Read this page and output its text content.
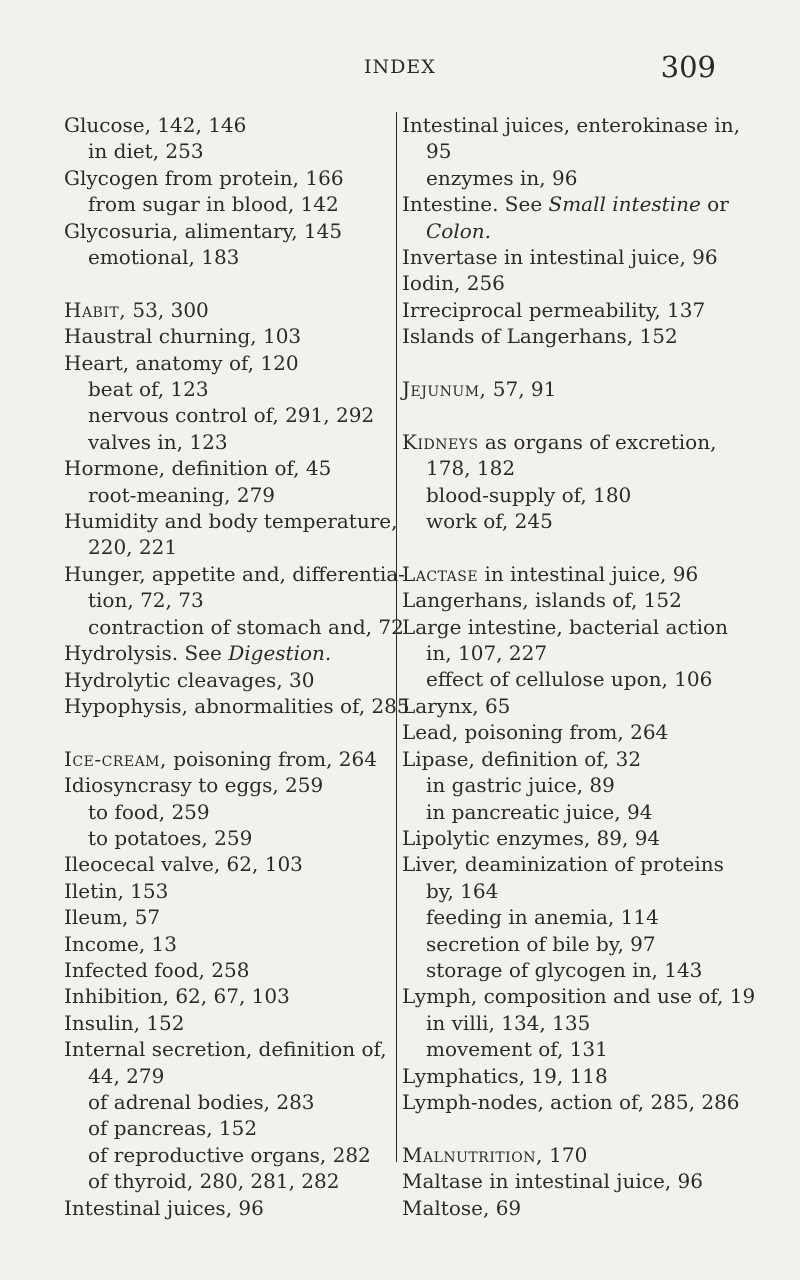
INDEX	309
Glucose, 142, 146
in diet, 253
Glycogen from protein, 166
from sugar in blood, 142
Glycosuria, alimentary, 145
emotional, 183
Habit, 53, 300
Haustral churning, 103
Heart, anatomy of, 120
beat of, 123
nervous control of, 291, 292
valves in, 123
Hormone, definition of, 45
root-meaning, 279
Humidity and body temperature,
220, 221
Hunger, appetite and, differentia-
tion, 72, 73
contraction of stomach and, 72
Hydrolysis. See Digestion.
Hydrolytic cleavages, 30
Hypophysis, abnormalities of, 285
Ice-cream, poisoning from, 264
Idiosyncrasy to eggs, 259
to food, 259
to potatoes, 259
Ileocecal valve, 62, 103
Iletin, 153
Ileum, 57
Income, 13
Infected food, 258
Inhibition, 62, 67, 103
Insulin, 152
Internal secretion, definition of,
44, 279
of adrenal bodies, 283
of pancreas, 152
of reproductive organs, 282
of thyroid, 280, 281, 282
Intestinal juices, 96
Intestinal juices, enterokinase in,
95
enzymes in, 96
Intestine. See Small intestine or
Colon.
Invertase in intestinal juice, 96
Iodin, 256
Irreciprocal permeability, 137
Islands of Langerhans, 152
Jejunum, 57, 91
Kidneys as organs of excretion,
178, 182
blood-supply of, 180
work of, 245
Lactase in intestinal juice, 96
Langerhans, islands of, 152
Large intestine, bacterial action
in, 107, 227
effect of cellulose upon, 106
Larynx, 65
Lead, poisoning from, 264
Lipase, definition of, 32
in gastric juice, 89
in pancreatic juice, 94
Lipolytic enzymes, 89, 94
Liver, deaminization of proteins
by, 164
feeding in anemia, 114
secretion of bile by, 97
storage of glycogen in, 143
Lymph, composition and use of, 19
in villi, 134, 135
movement of, 131
Lymphatics, 19, 118
Lymph-nodes, action of, 285, 286
Malnutrition, 170
Maltase in intestinal juice, 96
Maltose, 69
